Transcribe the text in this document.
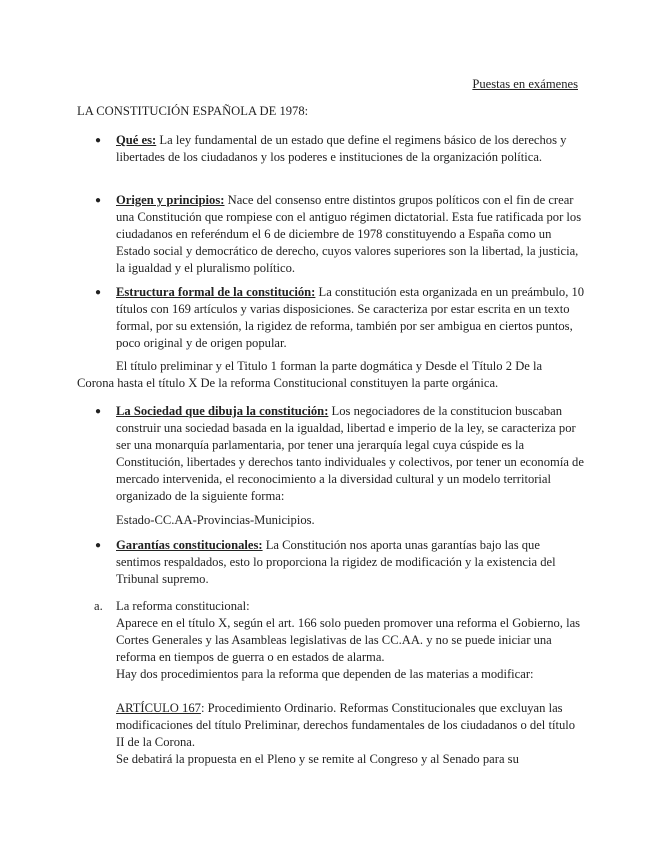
Puestas en exámenes
LA CONSTITUCIÓN ESPAÑOLA DE 1978:
● Qué es: La ley fundamental de un estado que define el regimens básico de los derechos y libertades de los ciudadanos y los poderes e instituciones de la organización política.

● Origen y principios: Nace del consenso entre distintos grupos políticos con el fin de crear una Constitución que rompiese con el antiguo régimen dictatorial. Esta fue ratificada por los ciudadanos en referéndum el 6 de diciembre de 1978 constituyendo a España como un Estado social y democrático de derecho, cuyos valores superiores son la libertad, la justicia, la igualdad y el pluralismo político.

● Estructura formal de la constitución: La constitución esta organizada en un preámbulo, 10 títulos con 169 artículos y varias disposiciones. Se caracteriza por estar escrita en un texto formal, por su extensión, la rigidez de reforma, también por ser ambigua en ciertos puntos, poco original y de origen popular.

El título preliminar y el Titulo 1 forman la parte dogmática y Desde el Título 2 De la Corona hasta el título X De la reforma Constitucional constituyen la parte orgánica.

● La Sociedad que dibuja la constitución: Los negociadores de la constitucion buscaban construir una sociedad basada en la igualdad, libertad e imperio de la ley, se caracteriza por ser una monarquía parlamentaria, por tener una jerarquía legal cuya cúspide es la Constitución, libertades y derechos tanto individuales y colectivos, por tener un economía de mercado intervenida, el reconocimiento a la diversidad cultural y un modelo territorial organizado de la siguiente forma:

Estado-CC.AA-Provincias-Municipios.

● Garantías constitucionales: La Constitución nos aporta unas garantías bajo las que sentimos respaldados, esto lo proporciona la rigidez de modificación y la existencia del Tribunal supremo.

a. La reforma constitucional:

Aparece en el título X, según el art. 166 solo pueden promover una reforma el Gobierno, las Cortes Generales y las Asambleas legislativas de las CC.AA. y no se puede iniciar una reforma en tiempos de guerra o en estados de alarma.

Hay dos procedimientos para la reforma que dependen de las materias a modificar:

ARTÍCULO 167: Procedimiento Ordinario. Reformas Constitucionales que excluyan las modificaciones del título Preliminar, derechos fundamentales de los ciudadanos o del título II de la Corona.

Se debatirá la propuesta en el Pleno y se remite al Congreso y al Senado para su
